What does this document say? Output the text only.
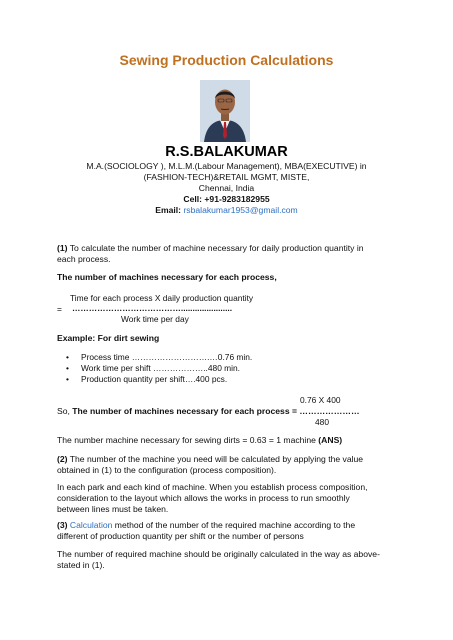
Sewing Production Calculations
R.S.BALAKUMAR
M.A.(SOCIOLOGY ), M.L.M.(Labour Management), MBA(EXECUTIVE) in
(FASHION-TECH)&RETAIL MGMT, MISTE,
Chennai, India
Cell: +91-9283182955
Email: rsbalakumar1953@gmail.com
(1) To calculate the number of machine necessary for daily production quantity in
each process.
The number of machines necessary for each process,
Time for each process X daily production quantity
= …………………………………......................
Work time per day
Example: For dirt sewing
• Process time ……………………….…0.76 min.
• Work time per shift ………………..480 min.
• Production quantity per shift….400 pcs.
0.76 X 400
So, The number of machines necessary for each process = …………………
480
The number machine necessary for sewing dirts = 0.63 = 1 machine (ANS)
(2) The number of the machine you need will be calculated by applying the value
obtained in (1) to the configuration (process composition).
In each park and each kind of machine. When you establish process composition,
consideration to the layout which allows the works in process to run smoothly
between lines must be taken.
(3) Calculation method of the number of the required machine according to the
different of production quantity per shift or the number of persons
The number of required machine should be originally calculated in the way as above-
stated in (1).
